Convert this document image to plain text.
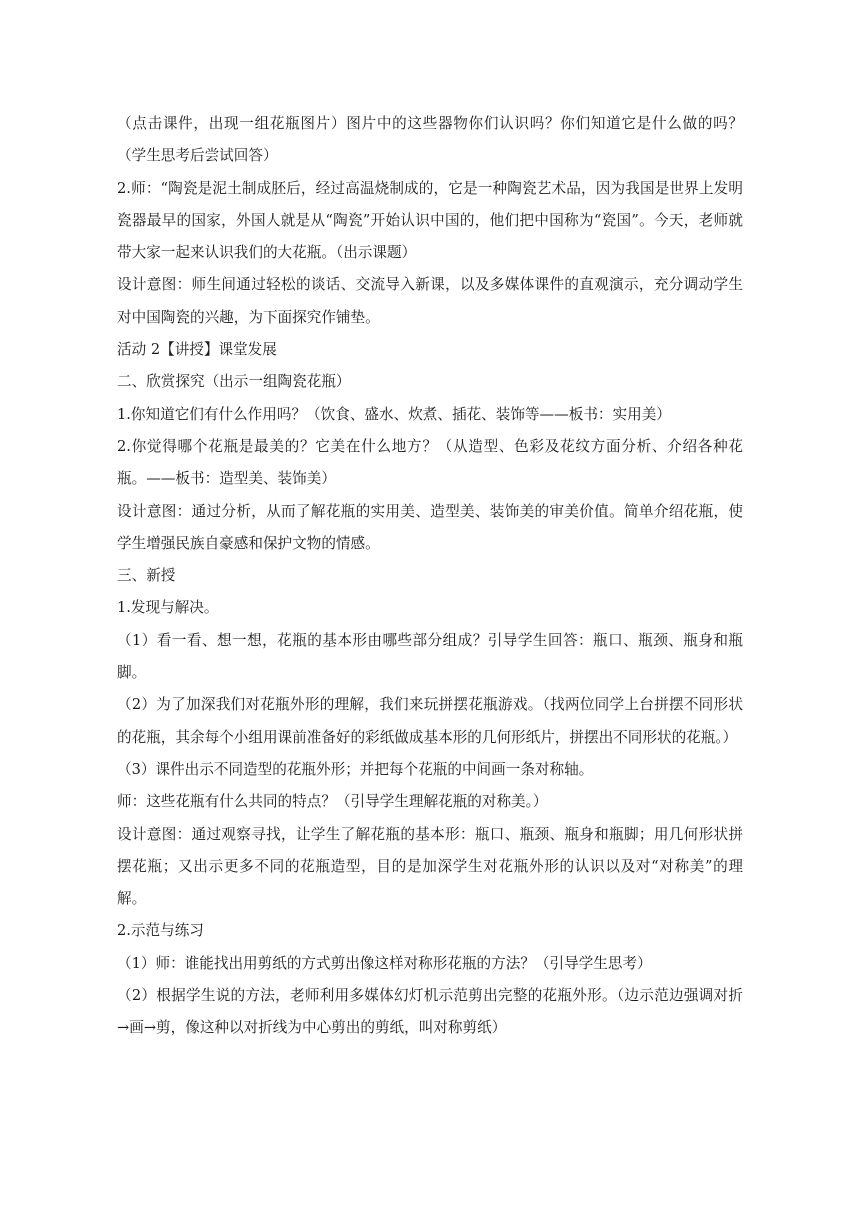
（点击课件，出现一组花瓶图片）图片中的这些器物你们认识吗？你们知道它是什么做的吗？（学生思考后尝试回答）

2.师：“陶瓷是泥土制成胚后，经过高温烧制成的，它是一种陶瓷艺术品，因为我国是世界上发明瓷器最早的国家，外国人就是从“陶瓷”开始认识中国的，他们把中国称为“瓷国”。今天，老师就带大家一起来认识我们的大花瓶。（出示课题）

设计意图：师生间通过轻松的谈话、交流导入新课，以及多媒体课件的直观演示，充分调动学生对中国陶瓷的兴趣，为下面探究作铺垫。

活动 2【讲授】课堂发展

二、欣赏探究（出示一组陶瓷花瓶）

1.你知道它们有什么作用吗？（饮食、盛水、炊煮、插花、装饰等——板书：实用美）

2.你觉得哪个花瓶是最美的？它美在什么地方？（从造型、色彩及花纹方面分析、介绍各种花瓶。——板书：造型美、装饰美）

设计意图：通过分析，从而了解花瓶的实用美、造型美、装饰美的审美价值。简单介绍花瓶，使学生增强民族自豪感和保护文物的情感。

三、新授

1.发现与解决。

（1）看一看、想一想，花瓶的基本形由哪些部分组成？引导学生回答：瓶口、瓶颈、瓶身和瓶脚。

（2）为了加深我们对花瓶外形的理解，我们来玩拼摆花瓶游戏。（找两位同学上台拼摆不同形状的花瓶，其余每个小组用课前准备好的彩纸做成基本形的几何形纸片，拼摆出不同形状的花瓶。）

（3）课件出示不同造型的花瓶外形；并把每个花瓶的中间画一条对称轴。

师：这些花瓶有什么共同的特点？（引导学生理解花瓶的对称美。）

设计意图：通过观察寻找，让学生了解花瓶的基本形：瓶口、瓶颈、瓶身和瓶脚；用几何形状拼摆花瓶；又出示更多不同的花瓶造型，目的是加深学生对花瓶外形的认识以及对“对称美”的理解。

2.示范与练习

（1）师：谁能找出用剪纸的方式剪出像这样对称形花瓶的方法？（引导学生思考）

（2）根据学生说的方法，老师利用多媒体幻灯机示范剪出完整的花瓶外形。（边示范边强调对折→画→剪，像这种以对折线为中心剪出的剪纸，叫对称剪纸）
